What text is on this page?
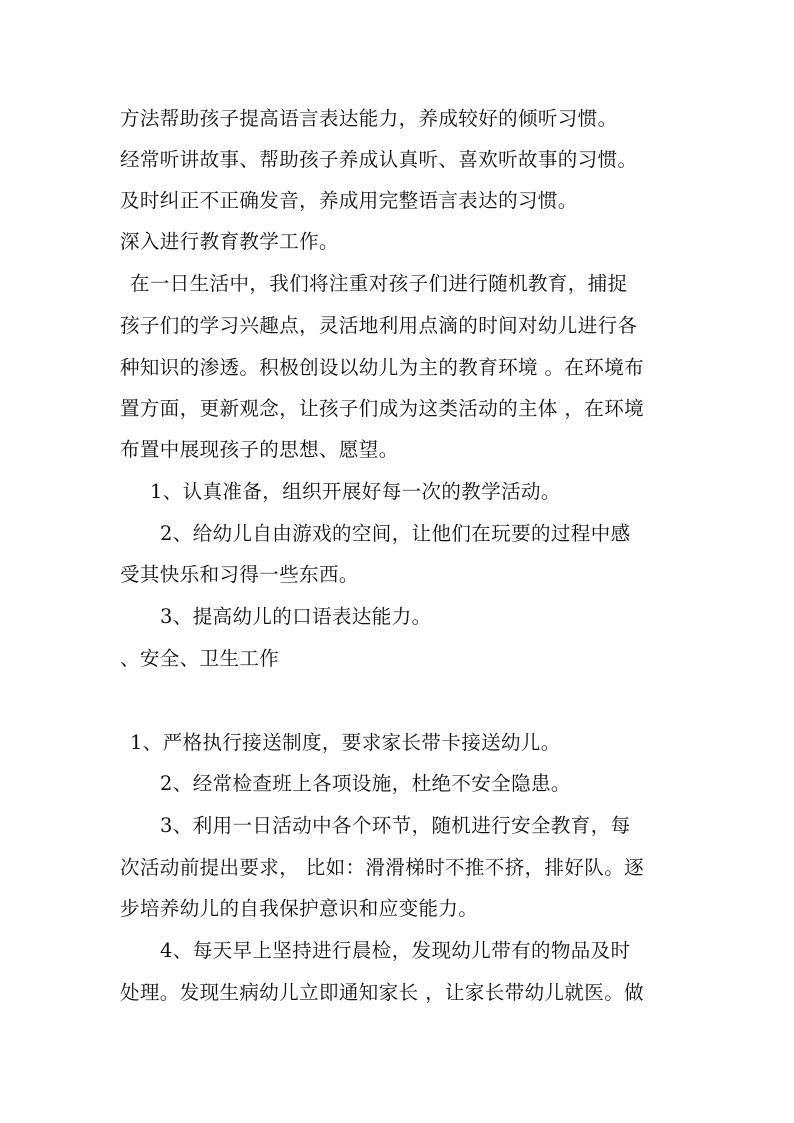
方法帮助孩子提高语言表达能力，养成较好的倾听习惯。
经常听讲故事、帮助孩子养成认真听、喜欢听故事的习惯。
及时纠正不正确发音，养成用完整语言表达的习惯。
深入进行教育教学工作。
在一日生活中，我们将注重对孩子们进行随机教育，捕捉
孩子们的学习兴趣点，灵活地利用点滴的时间对幼儿进行各
种知识的渗透。积极创设以幼儿为主的教育环境 。在环境布
置方面，更新观念，让孩子们成为这类活动的主体 ，在环境
布置中展现孩子的思想、愿望。
1、认真准备，组织开展好每一次的教学活动。
2、给幼儿自由游戏的空间，让他们在玩要的过程中感
受其快乐和习得一些东西。
3、提高幼儿的口语表达能力。
、安全、卫生工作
1、严格执行接送制度，要求家长带卡接送幼儿。
2、经常检查班上各项设施，杜绝不安全隐患。
3、利用一日活动中各个环节，随机进行安全教育，每
次活动前提出要求， 比如：滑滑梯时不推不挤，排好队。逐
步培养幼儿的自我保护意识和应变能力。
4、每天早上坚持进行晨检，发现幼儿带有的物品及时
处理。发现生病幼儿立即通知家长 ，让家长带幼儿就医。做
